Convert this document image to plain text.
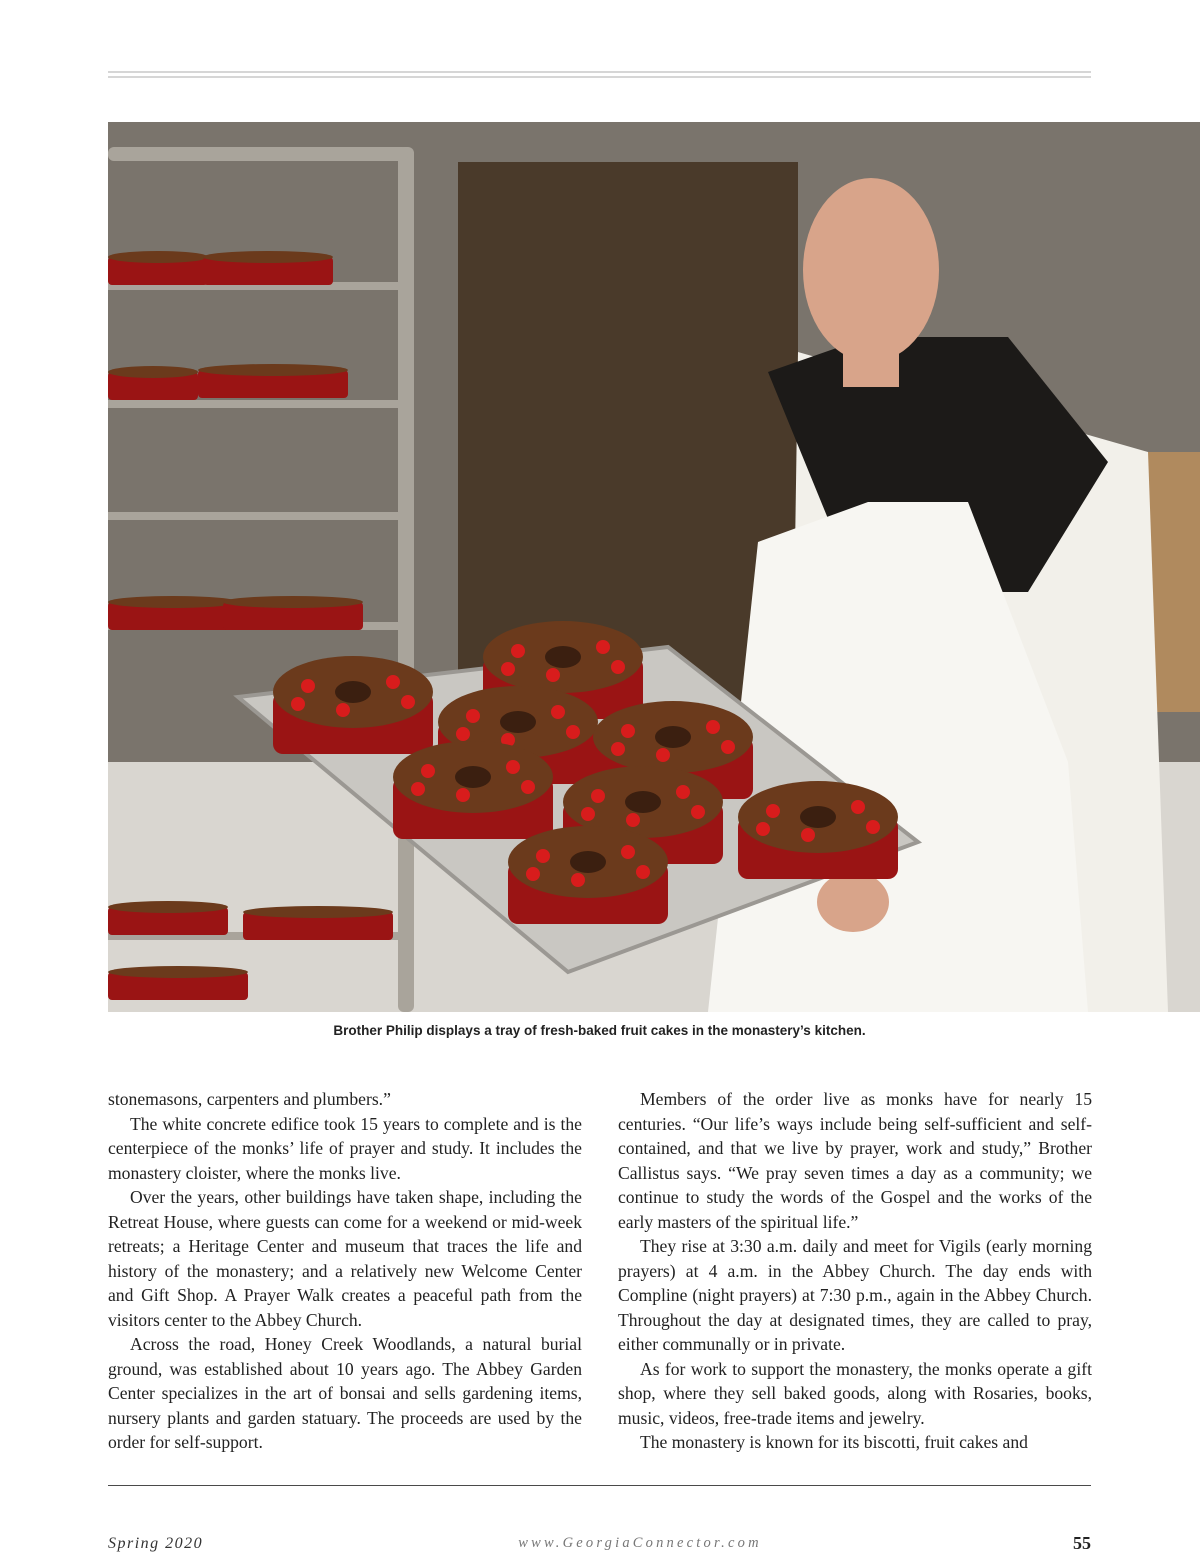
Brother Philip displays a tray of fresh-baked fruit cakes in the monastery’s kitchen.

stonemasons, carpenters and plumbers.”

The white concrete edifice took 15 years to complete and is the centerpiece of the monks’ life of prayer and study. It includes the monastery cloister, where the monks live.

Over the years, other buildings have taken shape, including the Retreat House, where guests can come for a weekend or mid-week retreats; a Heritage Center and museum that traces the life and history of the monastery; and a relatively new Welcome Center and Gift Shop. A Prayer Walk creates a peaceful path from the visitors center to the Abbey Church.

Across the road, Honey Creek Woodlands, a natural burial ground, was established about 10 years ago. The Abbey Garden Center specializes in the art of bonsai and sells gardening items, nursery plants and garden statuary. The proceeds are used by the order for self-support.

Members of the order live as monks have for nearly 15 centuries. “Our life’s ways include being self-sufficient and self-contained, and that we live by prayer, work and study,” Brother Callistus says. “We pray seven times a day as a community; we continue to study the words of the Gospel and the works of the early masters of the spiritual life.”

They rise at 3:30 a.m. daily and meet for Vigils (early morning prayers) at 4 a.m. in the Abbey Church. The day ends with Compline (night prayers) at 7:30 p.m., again in the Abbey Church. Throughout the day at designated times, they are called to pray, either communally or in private.

As for work to support the monastery, the monks operate a gift shop, where they sell baked goods, along with Rosaries, books, music, videos, free-trade items and jewelry.

The monastery is known for its biscotti, fruit cakes and

Spring 2020	www.GeorgiaConnector.com	55
